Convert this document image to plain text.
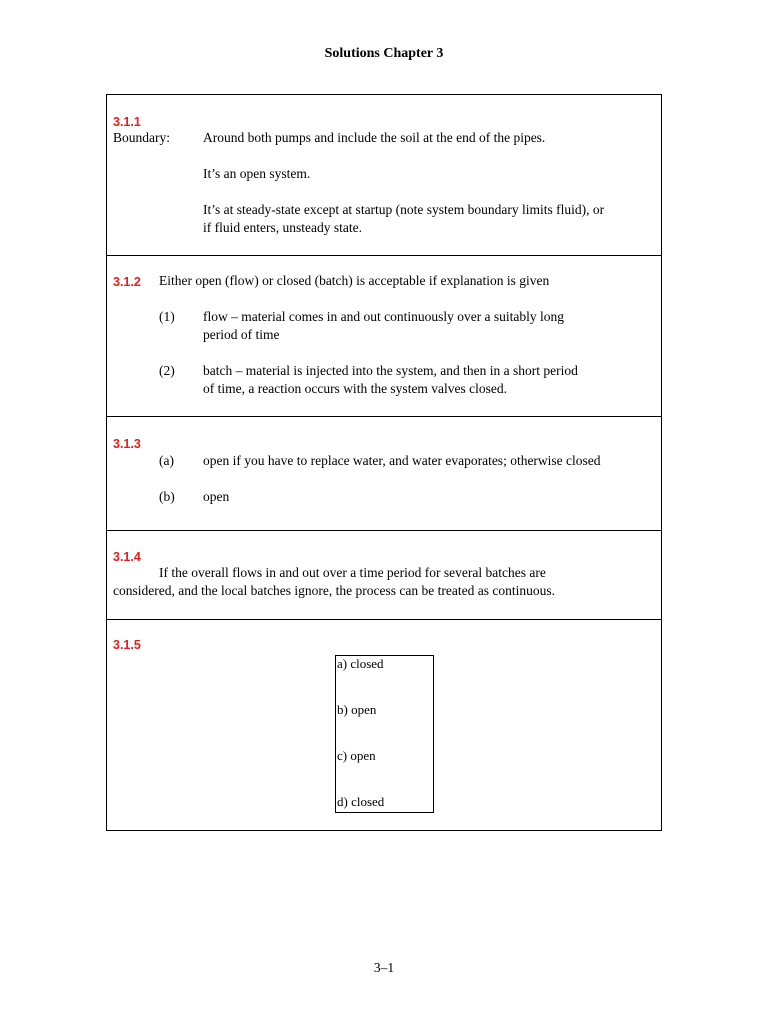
Solutions Chapter 3
3.1.1
Boundary: Around both pumps and include the soil at the end of the pipes.
It’s an open system.
It’s at steady-state except at startup (note system boundary limits fluid), or
if fluid enters, unsteady state.
3.1.2 Either open (flow) or closed (batch) is acceptable if explanation is given
(1) flow – material comes in and out continuously over a suitably long
period of time
(2) batch – material is injected into the system, and then in a short period
of time, a reaction occurs with the system valves closed.
3.1.3
(a) open if you have to replace water, and water evaporates; otherwise closed
(b) open
3.1.4
If the overall flows in and out over a time period for several batches are
considered, and the local batches ignore, the process can be treated as continuous.
3.1.5
a) closed
b) open
c) open
d) closed
3–1
